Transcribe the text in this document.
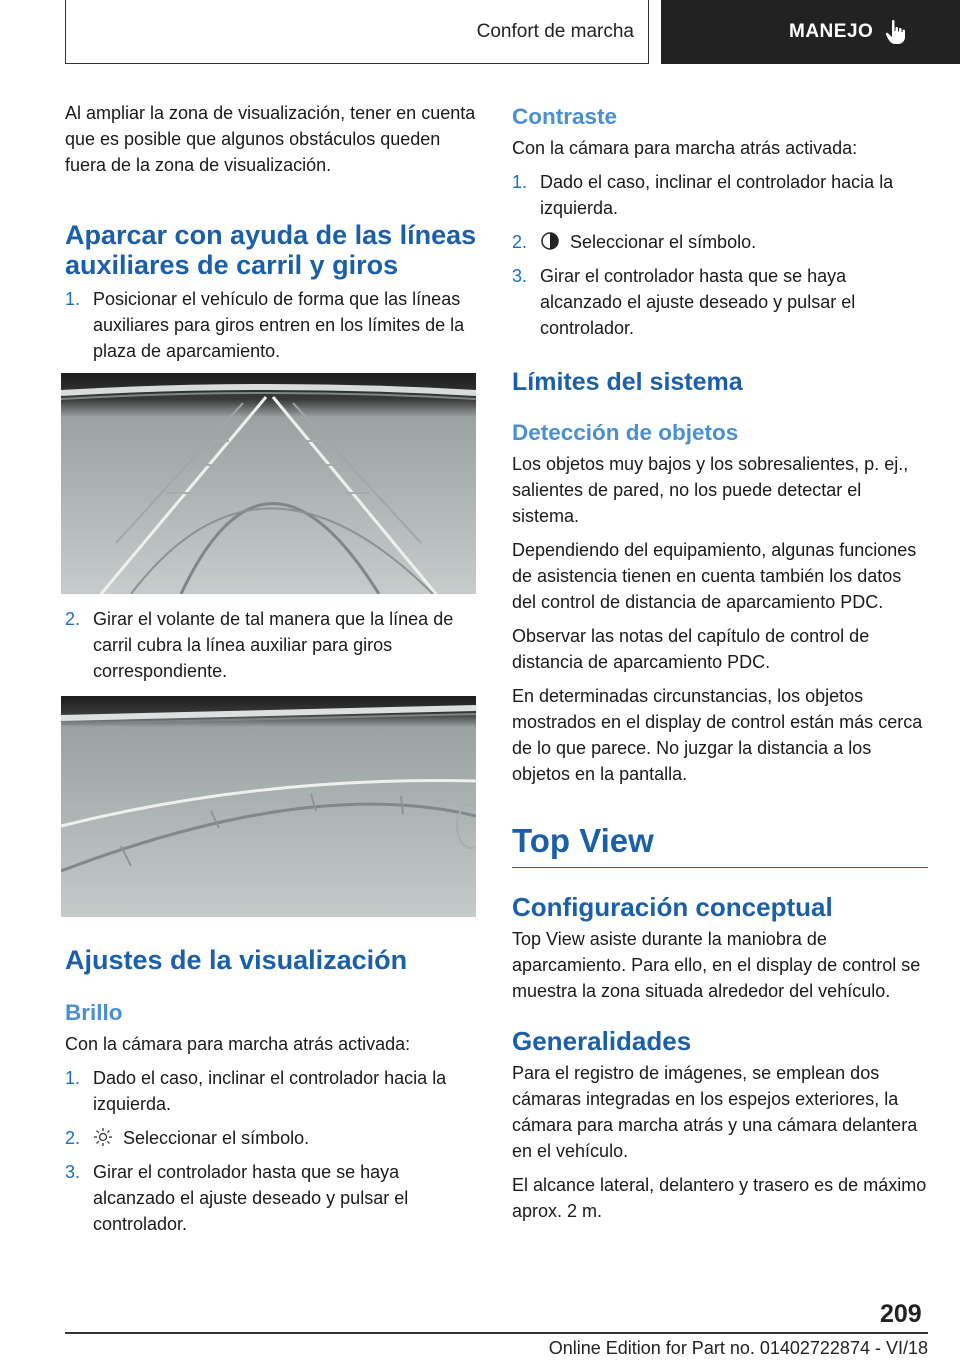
Confort de marcha	MANEJO

Al ampliar la zona de visualización, tener en cuenta que es posible que algunos obstáculos queden fuera de la zona de visualización.

Aparcar con ayuda de las líneas
auxiliares de carril y giros
1. Posicionar el vehículo de forma que las líneas auxiliares para giros entren en los límites de la plaza de aparcamiento.
2. Girar el volante de tal manera que la línea de carril cubra la línea auxiliar para giros correspondiente.
Ajustes de la visualización
Brillo

Con la cámara para marcha atrás activada:

1. Dado el caso, inclinar el controlador hacia la izquierda.
2.	Seleccionar el símbolo.
3. Girar el controlador hasta que se haya alcanzado el ajuste deseado y pulsar el controlador.
Contraste

Con la cámara para marcha atrás activada:

1. Dado el caso, inclinar el controlador hacia la izquierda.
2.	Seleccionar el símbolo.
3. Girar el controlador hasta que se haya alcanzado el ajuste deseado y pulsar el controlador.
Límites del sistema
Detección de objetos

Los objetos muy bajos y los sobresalientes, p. ej., salientes de pared, no los puede detectar el sistema.

Dependiendo del equipamiento, algunas funciones de asistencia tienen en cuenta también los datos del control de distancia de aparcamiento PDC.

Observar las notas del capítulo de control de distancia de aparcamiento PDC.

En determinadas circunstancias, los objetos mostrados en el display de control están más cerca de lo que parece. No juzgar la distancia a los objetos en la pantalla.

Top View
Configuración conceptual

Top View asiste durante la maniobra de aparcamiento. Para ello, en el display de control se muestra la zona situada alrededor del vehículo.

Generalidades

Para el registro de imágenes, se emplean dos cámaras integradas en los espejos exteriores, la cámara para marcha atrás y una cámara delantera en el vehículo.

El alcance lateral, delantero y trasero es de máximo aprox. 2 m.

209
Online Edition for Part no. 01402722874 - VI/18
